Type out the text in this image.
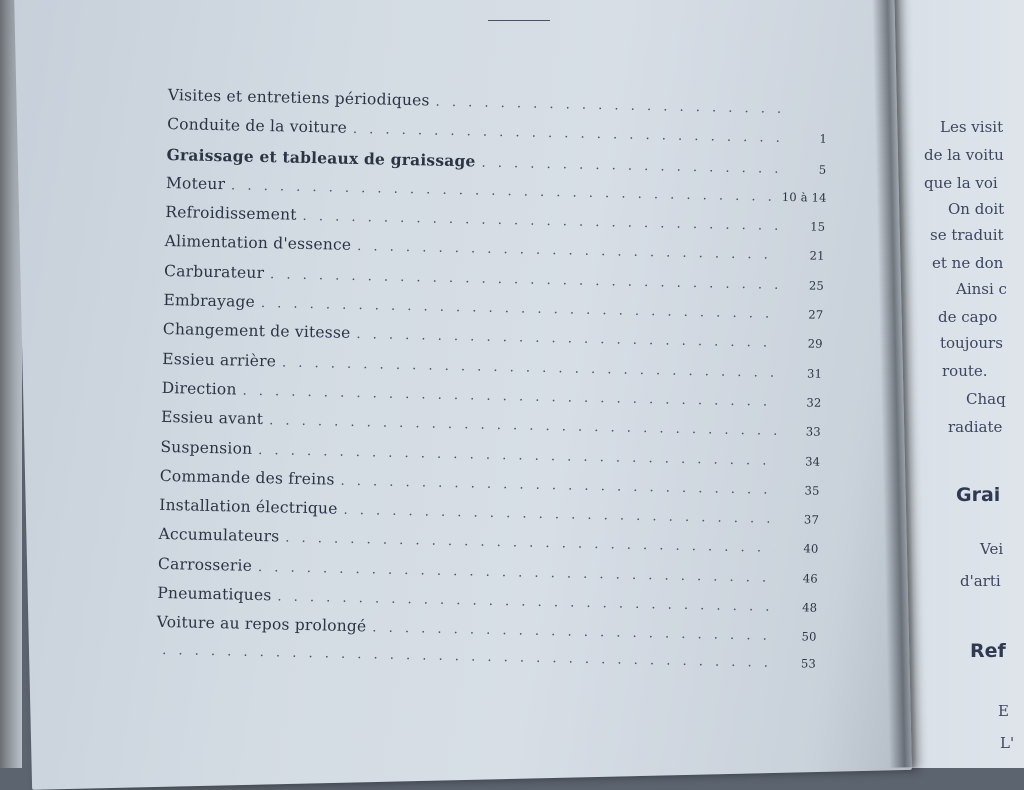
Les visit
de la voitu
que la voi
On doit
se traduit
et ne don
Ainsi c
de capo
toujours
route.
Chaq
radiate
Grai
Vei
d'arti
Ref
E
L'
Visites et entretiens périodiques
. . .
Conduite de la voiture
. . .
1
Graissage et tableaux de graissage
. . .	5
Moteur
. . .
10 à 14
Refroidissement
. . .
15
Alimentation d'essence
. . .
21
Carburateur
. . .
25
Embrayage
. . .
27
Changement de vitesse
. . .
29
Essieu arrière
. . .
31
Direction
. . .
32
Essieu avant
. . .
33
Suspension
. . .
34
Commande des freins
. . .
35
Installation électrique
. . .
37
Accumulateurs
. . .
40
Carrosserie
. . .
46
Pneumatiques
. . .
48
Voiture au repos prolongé
. . .
50
. . .
53
